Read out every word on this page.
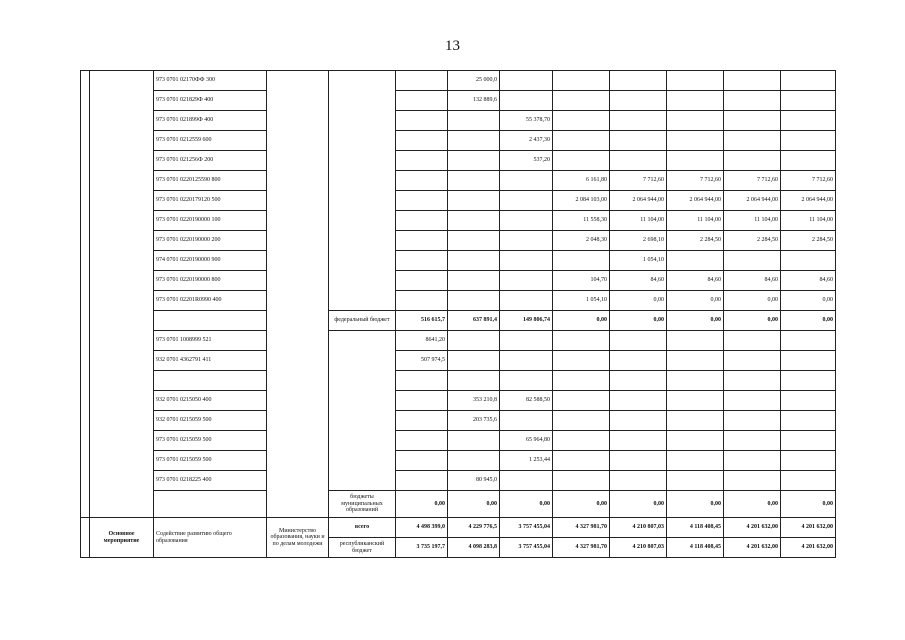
13
		973 0701 02170ФФ 300				25 000,0						
		973 0701 021829Ф 400				132 889,6						
		973 0701 021899Ф 400					55 378,70					
		973 0701 0212559 600					2 437,30					
		973 0701 021256Ф 200					537,20					
		973 0701 0220125590 800						6 161,80	7 712,60	7 712,60	7 712,60	7 712,60
		973 0701 0220179120 500						2 084 103,00	2 064 944,00	2 064 944,00	2 064 944,00	2 064 944,00
		973 0701 0220190000 100						11 558,30	11 104,00	11 104,00	11 104,00	11 104,00
		973 0701 0220190000 200						2 048,30	2 698,10	2 284,50	2 284,50	2 284,50
		974 0701 0220190000 900							1 054,10			
		973 0701 0220190000 800						104,70	84,60	84,60	84,60	84,60
		973 0701 02201R0990 400						1 054,10	0,00	0,00	0,00	0,00
				федеральный бюджет	516 615,7	637 891,4	149 806,74	0,00	0,00	0,00	0,00	0,00
		973 0701 1008999 521			8641,20							
		932 0701 4362791 411			507 974,5							

		932 0701 0215050 400				353 210,8	82 588,50					
		932 0701 0215059 500				203 735,6						
		973 0701 0215059 500					65 964,80					
		973 0701 0215059 500					1 253,44					
		973 0701 0218225 400				80 945,0						
				бюджеты муниципальных образований	0,00	0,00	0,00	0,00	0,00	0,00	0,00	0,00
	Основное мероприятие	Содействие развитию общего образования	Министерство образования, науки и по делам молодежи	всего	4 498 399,0	4 229 776,5	3 757 455,04	4 327 981,70	4 210 807,03	4 118 408,45	4 201 632,00	4 201 632,00
				республиканский бюджет	3 735 197,7	4 098 283,8	3 757 455,04	4 327 981,70	4 210 807,03	4 118 408,45	4 201 632,00	4 201 632,00
